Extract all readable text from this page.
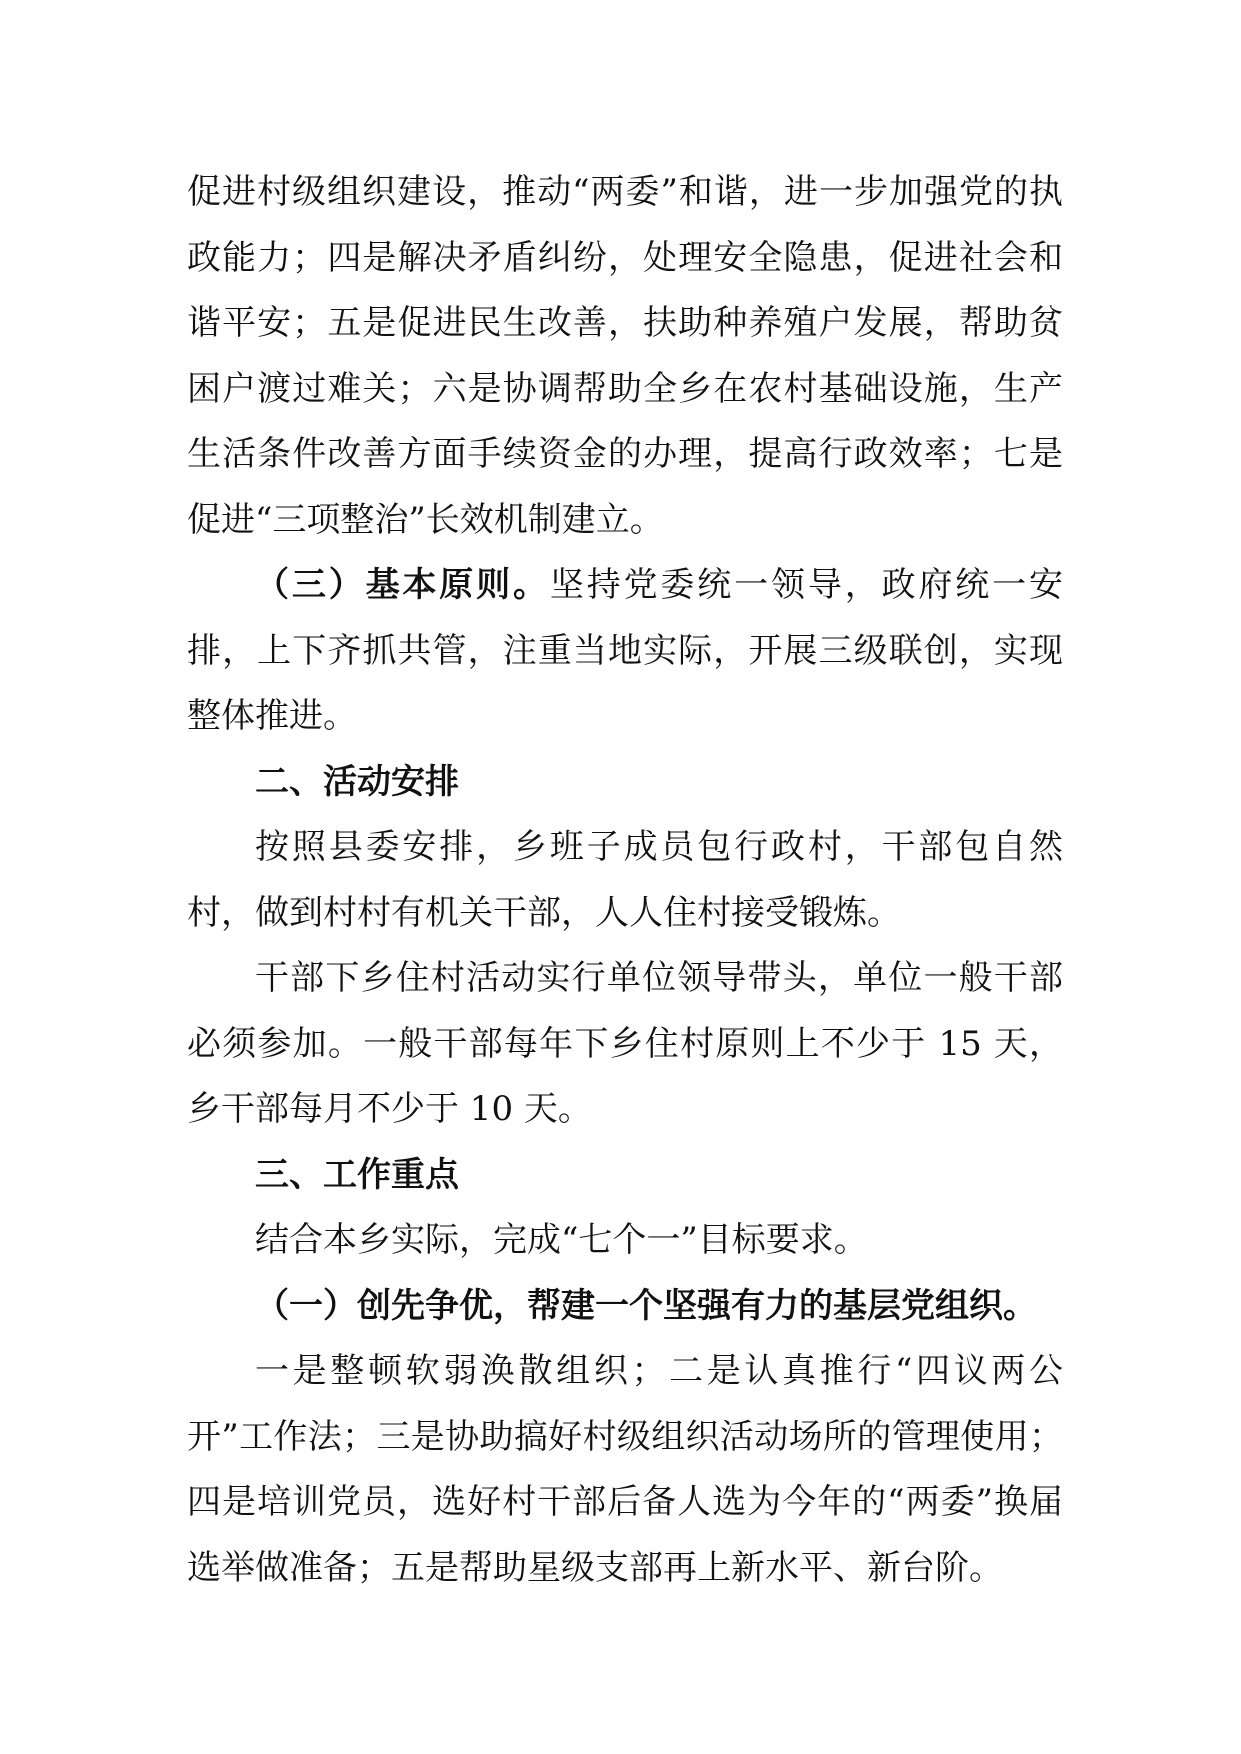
促进村级组织建设，推动“两委”和谐，进一步加强党的执政能力；四是解决矛盾纠纷，处理安全隐患，促进社会和谐平安；五是促进民生改善，扶助种养殖户发展，帮助贫困户渡过难关；六是协调帮助全乡在农村基础设施，生产生活条件改善方面手续资金的办理，提高行政效率；七是促进“三项整治”长效机制建立。

（三）基本原则。坚持党委统一领导，政府统一安排，上下齐抓共管，注重当地实际，开展三级联创，实现整体推进。

二、活动安排

按照县委安排，乡班子成员包行政村，干部包自然村，做到村村有机关干部，人人住村接受锻炼。

干部下乡住村活动实行单位领导带头，单位一般干部必须参加。一般干部每年下乡住村原则上不少于 15 天，乡干部每月不少于 10 天。

三、工作重点

结合本乡实际，完成“七个一”目标要求。

（一）创先争优，帮建一个坚强有力的基层党组织。

一是整顿软弱涣散组织；二是认真推行“四议两公开”工作法；三是协助搞好村级组织活动场所的管理使用；四是培训党员，选好村干部后备人选为今年的“两委”换届选举做准备；五是帮助星级支部再上新水平、新台阶。
